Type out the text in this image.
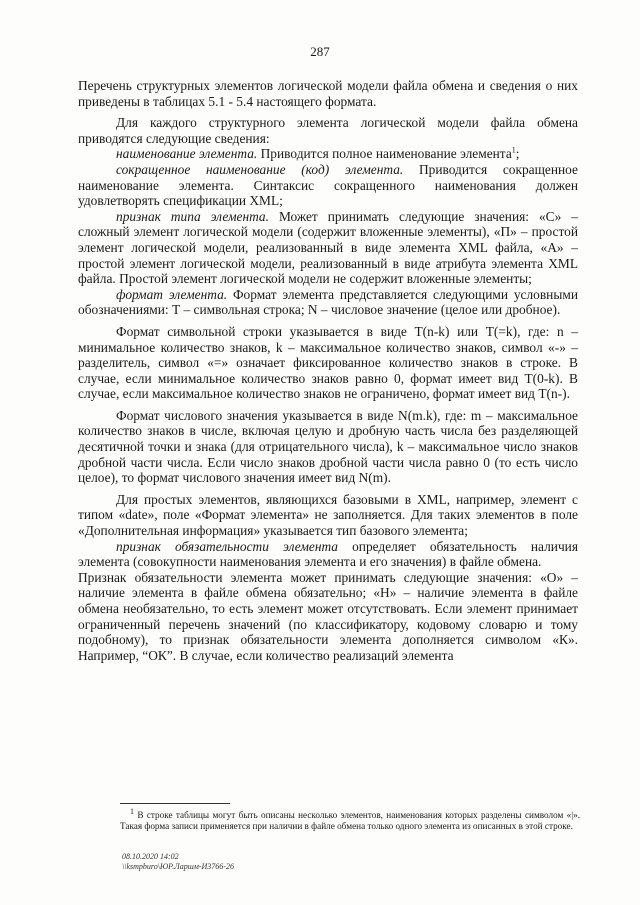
287

Перечень структурных элементов логической модели файла обмена и сведения о них приведены в таблицах 5.1 - 5.4 настоящего формата.

Для каждого структурного элемента логической модели файла обмена приводятся следующие сведения:

наименование элемента. Приводится полное наименование элемента$^1$;

сокращенное наименование (код) элемента. Приводится сокращенное наименование элемента. Синтаксис сокращенного наименования должен удовлетворять спецификации XML;

признак типа элемента. Может принимать следующие значения: «С» – сложный элемент логической модели (содержит вложенные элементы), «П» – простой элемент логической модели, реализованный в виде элемента XML файла, «А» – простой элемент логической модели, реализованный в виде атрибута элемента XML файла. Простой элемент логической модели не содержит вложенные элементы;

формат элемента. Формат элемента представляется следующими условными обозначениями: Т – символьная строка; N – числовое значение (целое или дробное).

Формат символьной строки указывается в виде Т(n-k) или Т(=k), где: n – минимальное количество знаков, k – максимальное количество знаков, символ «-» – разделитель, символ «=» означает фиксированное количество знаков в строке. В случае, если минимальное количество знаков равно 0, формат имеет вид Т(0-k). В случае, если максимальное количество знаков не ограничено, формат имеет вид Т(n-).

Формат числового значения указывается в виде N(m.k), где: m – максимальное количество знаков в числе, включая целую и дробную часть числа без разделяющей десятичной точки и знака (для отрицательного числа), k – максимальное число знаков дробной части числа. Если число знаков дробной части числа равно 0 (то есть число целое), то формат числового значения имеет вид N(m).

Для простых элементов, являющихся базовыми в XML, например, элемент с типом «date», поле «Формат элемента» не заполняется. Для таких элементов в поле «Дополнительная информация» указывается тип базового элемента;

признак обязательности элемента определяет обязательность наличия элемента (совокупности наименования элемента и его значения) в файле обмена.

Признак обязательности элемента может принимать следующие значения: «О» – наличие элемента в файле обмена обязательно; «Н» – наличие элемента в файле обмена необязательно, то есть элемент может отсутствовать. Если элемент принимает ограниченный перечень значений (по классификатору, кодовому словарю и тому подобному), то признак обязательности элемента дополняется символом «К». Например, “ОК”. В случае, если количество реализаций элемента

$^1$ В строке таблицы могут быть описаны несколько элементов, наименования которых разделены символом «|». Такая форма записи применяется при наличии в файле обмена только одного элемента из описанных в этой строке.

08.10.2020 14:02
\\ksmpburo\ЮР.Ларшм-И3766-26
